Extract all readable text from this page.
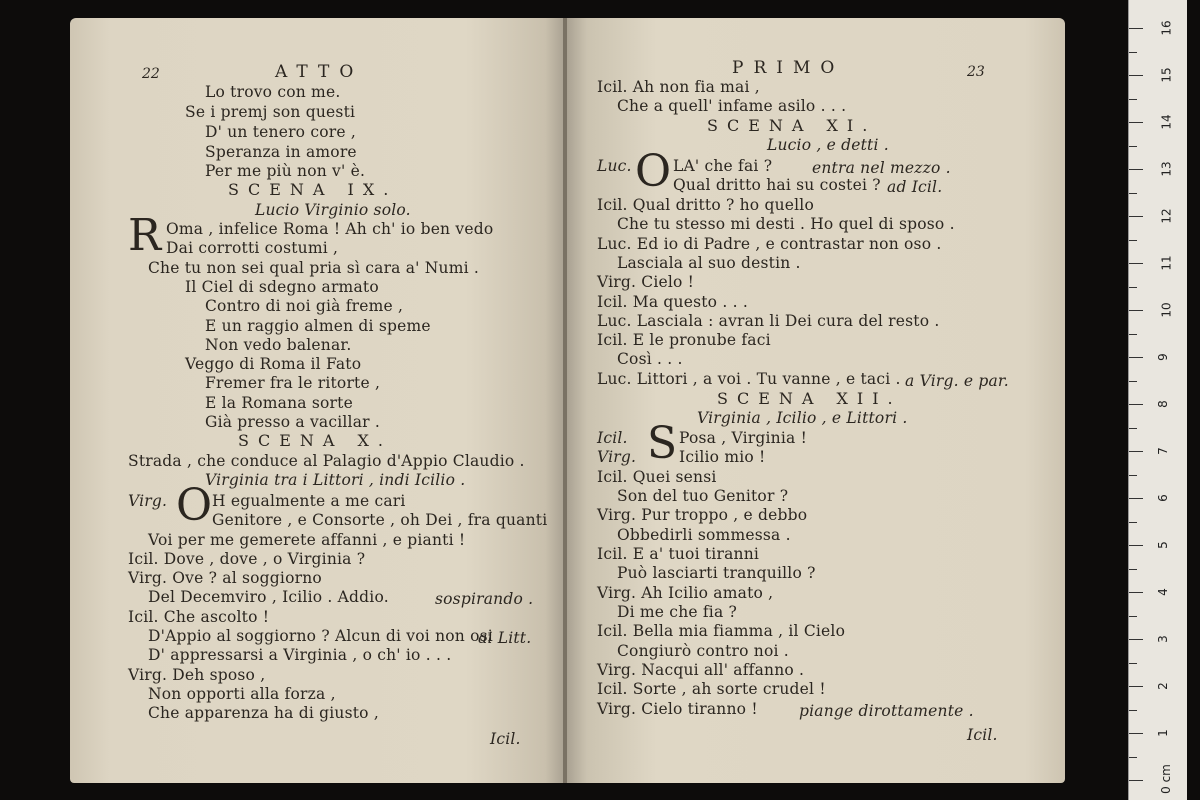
22	ATTO
Lo trovo con me.
Se i premj son questi
D' un tenero core ,
Speranza in amore
Per me più non v' è.
SCENA IX.
Lucio Virginio solo.
R Oma , infelice Roma ! Ah ch' io ben vedo
Dai corrotti costumi ,
Che tu non sei qual pria sì cara a' Numi .
Il Ciel di sdegno armato
Contro di noi già freme ,
E un raggio almen di speme
Non vedo balenar.
Veggo di Roma il Fato
Fremer fra le ritorte ,
E la Romana sorte
Già presso a vacillar .
SCENA X.
Strada , che conduce al Palagio d'Appio Claudio .
Virginia tra i Littori , indi Icilio .
Virg. O H egualmente a me cari
Genitore , e Consorte , oh Dei , fra quanti
Voi per me gemerete affanni , e pianti !
Icil. Dove , dove , o Virginia ?
Virg. Ove ? al soggiorno
Del Decemviro , Icilio . Addio.	sospirando .
Icil. Che ascolto !
D'Appio al soggiorno ? Alcun di voi non osi
ai Litt.
D' appressarsi a Virginia , o ch' io . . .
Virg. Deh sposo ,
Non opporti alla forza ,
Che apparenza ha di giusto ,
Icil.
PRIMO	23
Icil. Ah non fia mai ,
Che a quell' infame asilo . . .
SCENA XI.
Lucio , e detti .
Luc. O LA' che fai ?	entra nel mezzo .
Qual dritto hai su costei ? ad Icil.
Icil. Qual dritto ? ho quello
Che tu stesso mi desti . Ho quel di sposo .
Luc. Ed io di Padre , e contrastar non oso .
Lasciala al suo destin .
Virg. Cielo !
Icil. Ma questo . . .
Luc. Lasciala : avran li Dei cura del resto .
Icil. E le pronube faci
Così . . .
Luc. Littori , a voi . Tu vanne , e taci . a Virg. e par.
SCENA XII.
Virginia , Icilio , e Littori .
Icil. S Posa , Virginia !
Virg.	Icilio mio !
Icil. Quei sensi
Son del tuo Genitor ?
Virg. Pur troppo , e debbo
Obbedirli sommessa .
Icil. E a' tuoi tiranni
Può lasciarti tranquillo ?
Virg. Ah Icilio amato ,
Di me che fia ?
Icil. Bella mia fiamma , il Cielo
Congiurò contro noi .
Virg. Nacqui all' affanno .
Icil. Sorte , ah sorte crudel !
Virg. Cielo tiranno !	piange dirottamente .
Icil.
0 cm
1
2
3
4
5
6
7
8
9
10
11
12
13
14
15
16
